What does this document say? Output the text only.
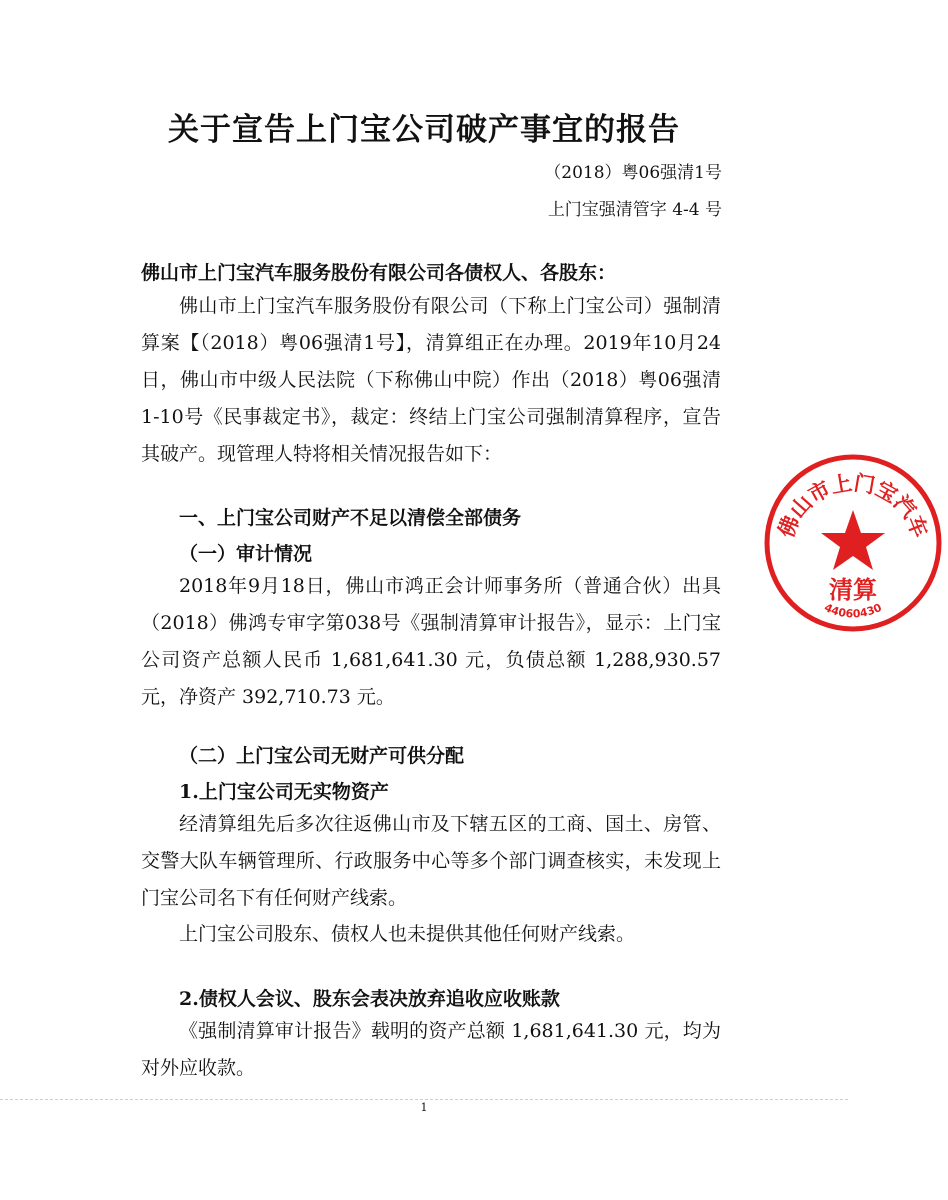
关于宣告上门宝公司破产事宜的报告
（2018）粤06强清1号
上门宝强清管字 4-4 号
佛山市上门宝汽车服务股份有限公司各债权人、各股东：
佛山市上门宝汽车服务股份有限公司（下称上门宝公司）强制清算案【（2018）粤06强清1号】，清算组正在办理。2019年10月24日，佛山市中级人民法院（下称佛山中院）作出（2018）粤06强清1-10号《民事裁定书》，裁定：终结上门宝公司强制清算程序，宣告其破产。现管理人特将相关情况报告如下：
一、上门宝公司财产不足以清偿全部债务
（一）审计情况
2018年9月18日，佛山市鸿正会计师事务所（普通合伙）出具（2018）佛鸿专审字第038号《强制清算审计报告》，显示：上门宝公司资产总额人民币 1,681,641.30 元，负债总额 1,288,930.57 元，净资产 392,710.73 元。
（二）上门宝公司无财产可供分配
1.上门宝公司无实物资产
经清算组先后多次往返佛山市及下辖五区的工商、国土、房管、交警大队车辆管理所、行政服务中心等多个部门调查核实，未发现上门宝公司名下有任何财产线索。
上门宝公司股东、债权人也未提供其他任何财产线索。
2.债权人会议、股东会表决放弃追收应收账款
《强制清算审计报告》载明的资产总额 1,681,641.30 元，均为对外应收款。
1
佛山市上门宝汽车
清算
44060430
